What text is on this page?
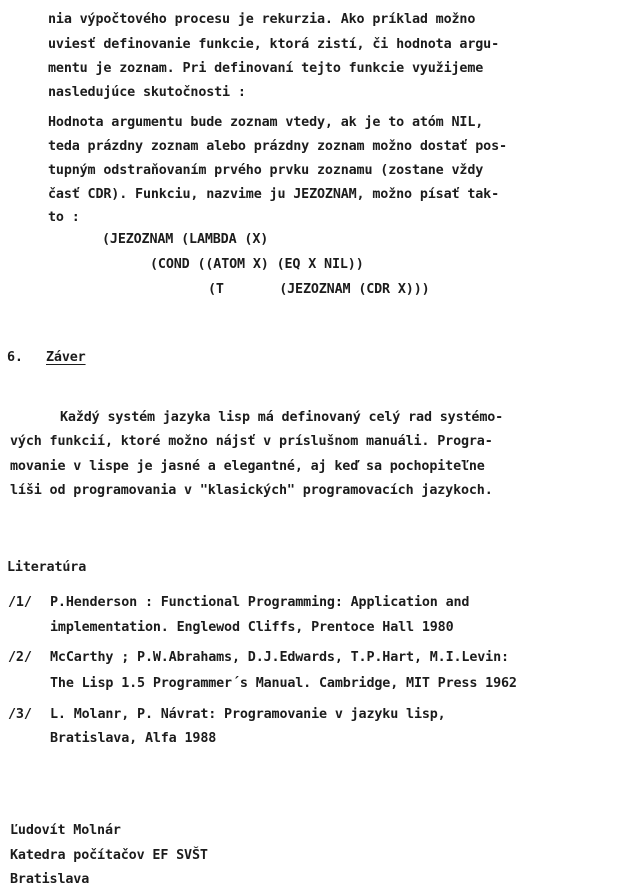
nia výpočtového procesu je rekurzia. Ako príklad možno
uviesť definovanie funkcie, ktorá zistí, či hodnota argu-
mentu je zoznam. Pri definovaní tejto funkcie využijeme
nasledujúce skutočnosti :
Hodnota argumentu bude zoznam vtedy, ak je to atóm NIL,
teda prázdny zoznam alebo prázdny zoznam možno dostať pos-
tupným odstraňovaním prvého prvku zoznamu (zostane vždy
časť CDR). Funkciu, nazvime ju JEZOZNAM, možno písať tak-
to :
(JEZOZNAM (LAMBDA (X)
(COND ((ATOM X) (EQ X NIL))
(T       (JEZOZNAM (CDR X)))
6. Záver
Každý systém jazyka lisp má definovaný celý rad systémo-
vých funkcií, ktoré možno nájsť v príslušnom manuáli. Progra-
movanie v lispe je jasné a elegantné, aj keď sa pochopiteľne
líši od programovania v "klasických" programovacích jazykoch.
Literatúra
/1/ P.Henderson : Functional Programming: Application and
implementation. Englewod Cliffs, Prentoce Hall 1980
/2/ McCarthy ; P.W.Abrahams, D.J.Edwards, T.P.Hart, M.I.Levin:
The Lisp 1.5 Programmer´s Manual. Cambridge, MIT Press 1962
/3/ L. Molanr, P. Návrat: Programovanie v jazyku lisp,
Bratislava, Alfa 1988
Ľudovít Molnár
Katedra počítačov EF SVŠT
Bratislava
